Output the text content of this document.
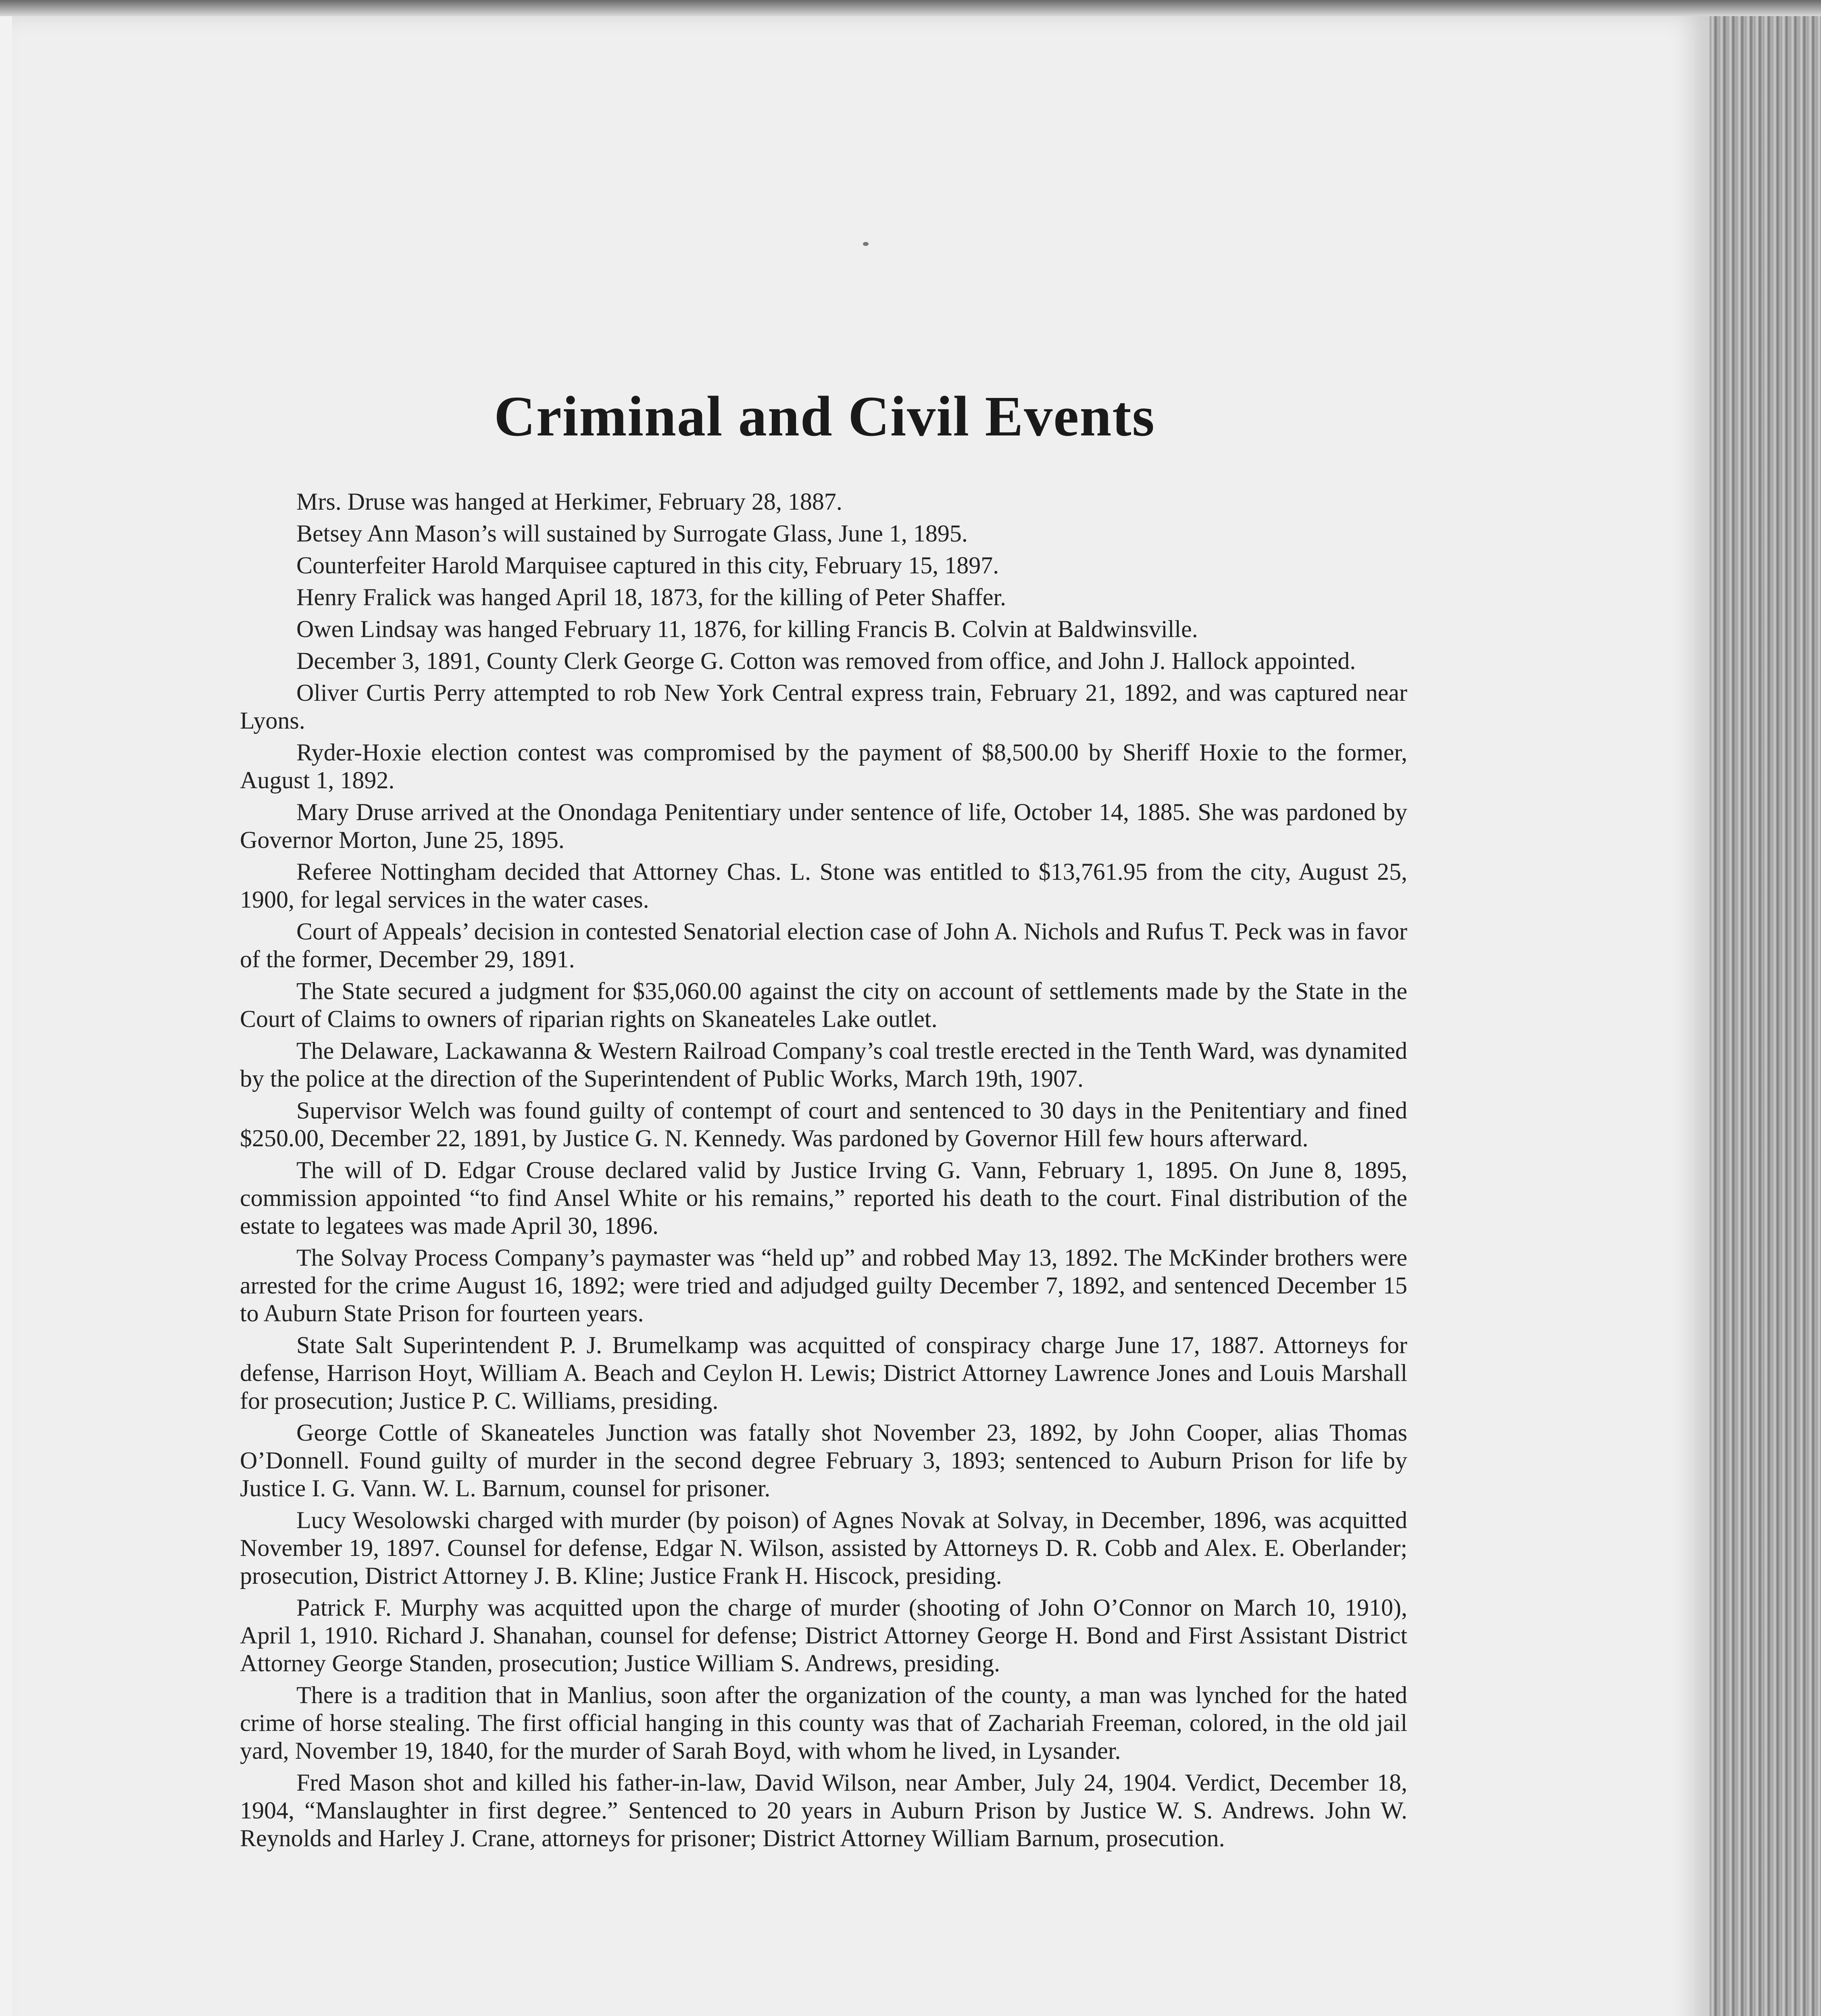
Criminal and Civil Events

Mrs. Druse was hanged at Herkimer, February 28, 1887.

Betsey Ann Mason’s will sustained by Surrogate Glass, June 1, 1895.

Counterfeiter Harold Marquisee captured in this city, February 15, 1897.

Henry Fralick was hanged April 18, 1873, for the killing of Peter Shaffer.

Owen Lindsay was hanged February 11, 1876, for killing Francis B. Colvin at Baldwinsville.

December 3, 1891, County Clerk George G. Cotton was removed from office, and John J. Hallock appointed.

Oliver Curtis Perry attempted to rob New York Central express train, February 21, 1892, and was captured near Lyons.

Ryder-Hoxie election contest was compromised by the payment of $8,500.00 by Sheriff Hoxie to the former, August 1, 1892.

Mary Druse arrived at the Onondaga Penitentiary under sentence of life, October 14, 1885. She was pardoned by Governor Morton, June 25, 1895.

Referee Nottingham decided that Attorney Chas. L. Stone was entitled to $13,761.95 from the city, August 25, 1900, for legal services in the water cases.

Court of Appeals’ decision in contested Senatorial election case of John A. Nichols and Rufus T. Peck was in favor of the former, December 29, 1891.

The State secured a judgment for $35,060.00 against the city on account of settlements made by the State in the Court of Claims to owners of riparian rights on Skaneateles Lake outlet.

The Delaware, Lackawanna & Western Railroad Company’s coal trestle erected in the Tenth Ward, was dynamited by the police at the direction of the Superintendent of Public Works, March 19th, 1907.

Supervisor Welch was found guilty of contempt of court and sentenced to 30 days in the Penitentiary and fined $250.00, December 22, 1891, by Justice G. N. Kennedy. Was pardoned by Governor Hill few hours afterward.

The will of D. Edgar Crouse declared valid by Justice Irving G. Vann, February 1, 1895. On June 8, 1895, commission appointed “to find Ansel White or his remains,” reported his death to the court. Final distribution of the estate to legatees was made April 30, 1896.

The Solvay Process Company’s paymaster was “held up” and robbed May 13, 1892. The McKinder brothers were arrested for the crime August 16, 1892; were tried and adjudged guilty December 7, 1892, and sentenced December 15 to Auburn State Prison for fourteen years.

State Salt Superintendent P. J. Brumelkamp was acquitted of conspiracy charge June 17, 1887. Attorneys for defense, Harrison Hoyt, William A. Beach and Ceylon H. Lewis; District Attorney Lawrence Jones and Louis Marshall for prosecution; Justice P. C. Williams, presiding.

George Cottle of Skaneateles Junction was fatally shot November 23, 1892, by John Cooper, alias Thomas O’Donnell. Found guilty of murder in the second degree February 3, 1893; sentenced to Auburn Prison for life by Justice I. G. Vann. W. L. Barnum, counsel for prisoner.

Lucy Wesolowski charged with murder (by poison) of Agnes Novak at Solvay, in December, 1896, was acquitted November 19, 1897. Counsel for defense, Edgar N. Wilson, assisted by Attorneys D. R. Cobb and Alex. E. Oberlander; prosecution, District Attorney J. B. Kline; Justice Frank H. Hiscock, presiding.

Patrick F. Murphy was acquitted upon the charge of murder (shooting of John O’Connor on March 10, 1910), April 1, 1910. Richard J. Shanahan, counsel for defense; District Attorney George H. Bond and First Assistant District Attorney George Standen, prosecution; Justice William S. Andrews, presiding.

There is a tradition that in Manlius, soon after the organization of the county, a man was lynched for the hated crime of horse stealing. The first official hanging in this county was that of Zachariah Freeman, colored, in the old jail yard, November 19, 1840, for the murder of Sarah Boyd, with whom he lived, in Lysander.

Fred Mason shot and killed his father-in-law, David Wilson, near Amber, July 24, 1904. Verdict, December 18, 1904, “Manslaughter in first degree.” Sentenced to 20 years in Auburn Prison by Justice W. S. Andrews. John W. Reynolds and Harley J. Crane, attorneys for prisoner; District Attorney William Barnum, prosecution.
